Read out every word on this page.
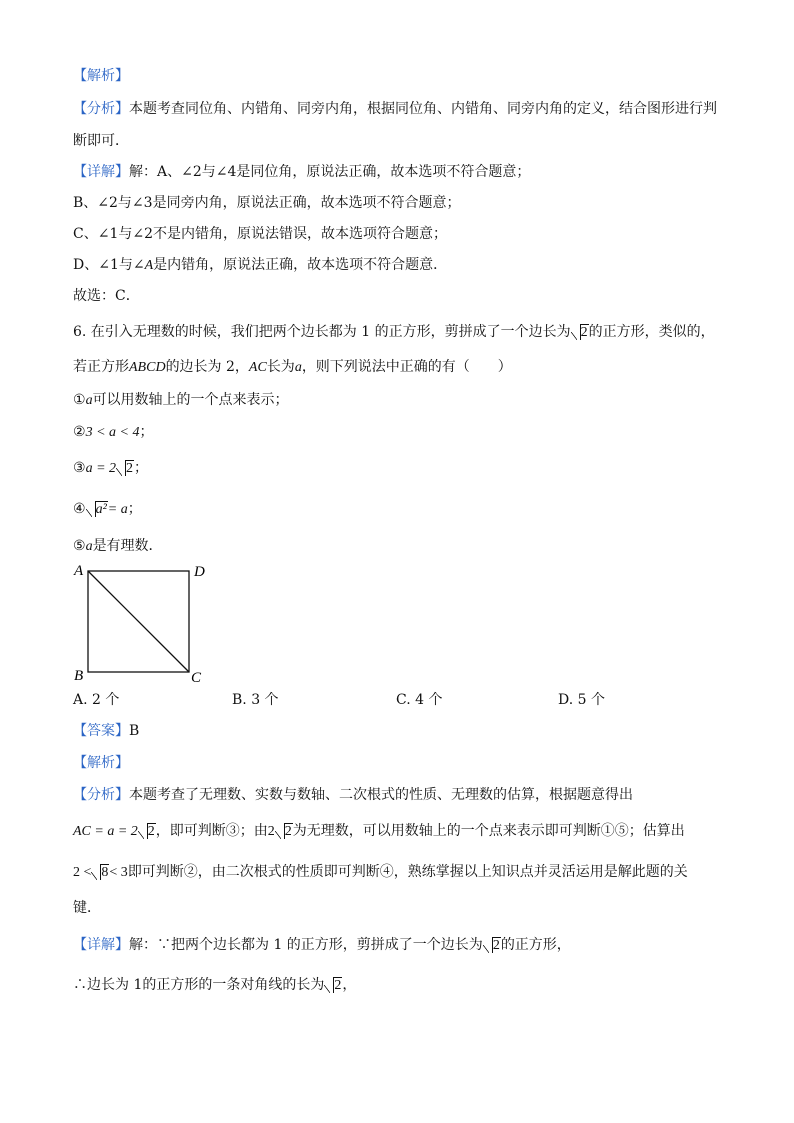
【解析】
【分析】本题考查同位角、内错角、同旁内角，根据同位角、内错角、同旁内角的定义，结合图形进行判
断即可．
【详解】解：A、∠2与∠4是同位角，原说法正确，故本选项不符合题意；
B、∠2与∠3是同旁内角，原说法正确，故本选项不符合题意；
C、∠1与∠2不是内错角，原说法错误，故本选项符合题意；
D、∠1与∠A是内错角，原说法正确，故本选项不符合题意．
故选：C．
6. 在引入无理数的时候，我们把两个边长都为 1 的正方形，剪拼成了一个边长为 2的正方形，类似的，
若正方形ABCD的边长为 2，AC长为a，则下列说法中正确的有（　　）
①a可以用数轴上的一个点来表示；
②3 < a < 4；
③a = 2 2；
④ a²= a；
⑤a是有理数．
A
B	C
D
A. 2 个	B. 3 个	C. 4 个	D. 5 个
【答案】B
【解析】
【分析】本题考查了无理数、实数与数轴、二次根式的性质、无理数的估算，根据题意得出
AC = a = 2 2，即可判断③；由2 2为无理数，可以用数轴上的一个点来表示即可判断①⑤；估算出
2 < 8< 3即可判断②，由二次根式的性质即可判断④，熟练掌握以上知识点并灵活运用是解此题的关
键．
【详解】解：∵把两个边长都为 1 的正方形，剪拼成了一个边长为 2的正方形，
∴边长为 1的正方形的一条对角线的长为 2，
